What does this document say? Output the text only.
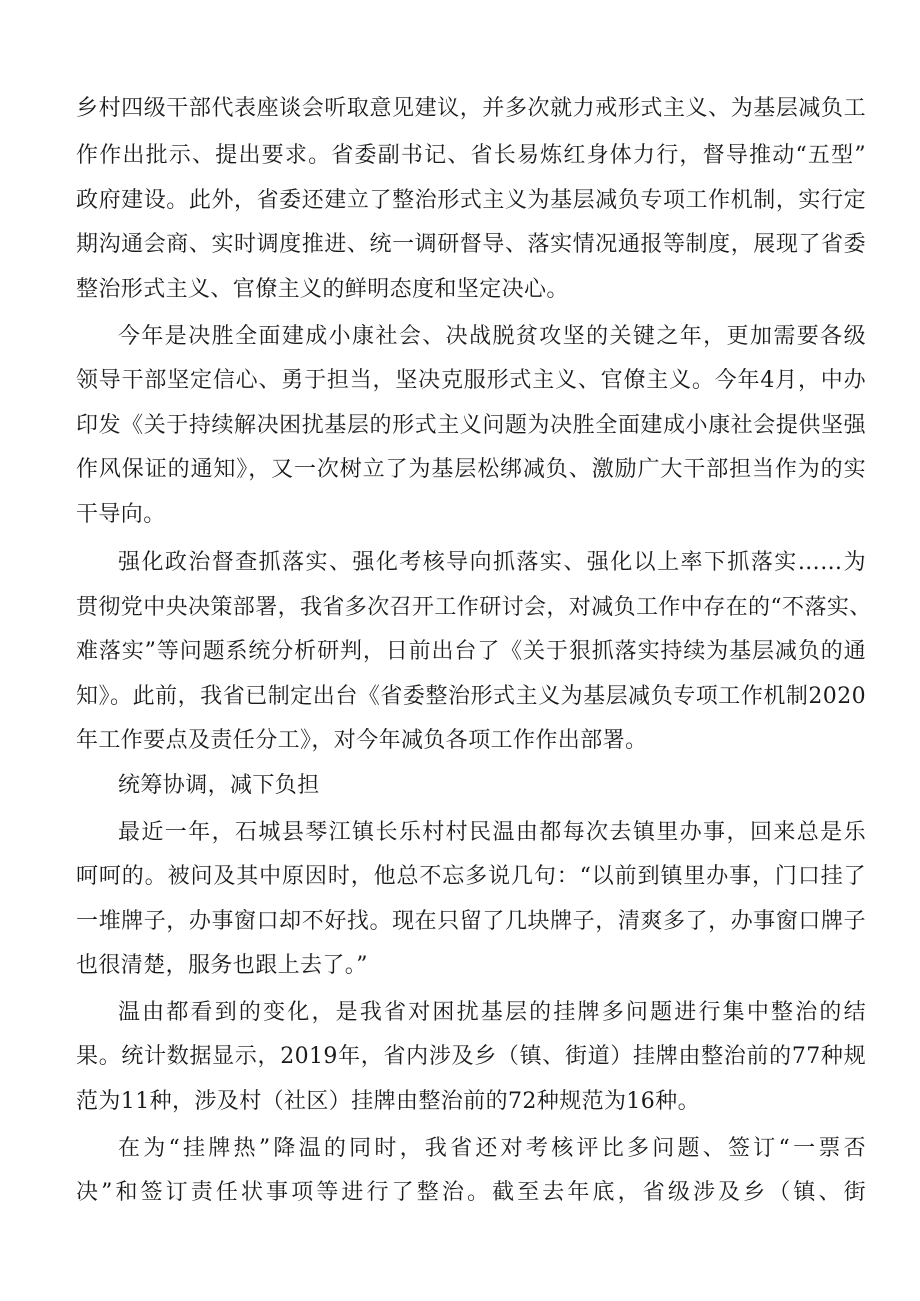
乡村四级干部代表座谈会听取意见建议，并多次就力戒形式主义、为基层减负工
作作出批示、提出要求。省委副书记、省长易炼红身体力行，督导推动“五型”
政府建设。此外，省委还建立了整治形式主义为基层减负专项工作机制，实行定
期沟通会商、实时调度推进、统一调研督导、落实情况通报等制度，展现了省委
整治形式主义、官僚主义的鲜明态度和坚定决心。
今年是决胜全面建成小康社会、决战脱贫攻坚的关键之年，更加需要各级
领导干部坚定信心、勇于担当，坚决克服形式主义、官僚主义。今年4月，中办
印发《关于持续解决困扰基层的形式主义问题为决胜全面建成小康社会提供坚强
作风保证的通知》，又一次树立了为基层松绑减负、激励广大干部担当作为的实
干导向。
强化政治督查抓落实、强化考核导向抓落实、强化以上率下抓落实……为
贯彻党中央决策部署，我省多次召开工作研讨会，对减负工作中存在的“不落实、
难落实”等问题系统分析研判，日前出台了《关于狠抓落实持续为基层减负的通
知》。此前，我省已制定出台《省委整治形式主义为基层减负专项工作机制2020
年工作要点及责任分工》，对今年减负各项工作作出部署。
统筹协调，减下负担
最近一年，石城县琴江镇长乐村村民温由都每次去镇里办事，回来总是乐
呵呵的。被问及其中原因时，他总不忘多说几句：“以前到镇里办事，门口挂了
一堆牌子，办事窗口却不好找。现在只留了几块牌子，清爽多了，办事窗口牌子
也很清楚，服务也跟上去了。”
温由都看到的变化，是我省对困扰基层的挂牌多问题进行集中整治的结
果。统计数据显示，2019年，省内涉及乡（镇、街道）挂牌由整治前的77种规
范为11种，涉及村（社区）挂牌由整治前的72种规范为16种。
在为“挂牌热”降温的同时，我省还对考核评比多问题、签订“一票否
决”和签订责任状事项等进行了整治。截至去年底，省级涉及乡（镇、街
